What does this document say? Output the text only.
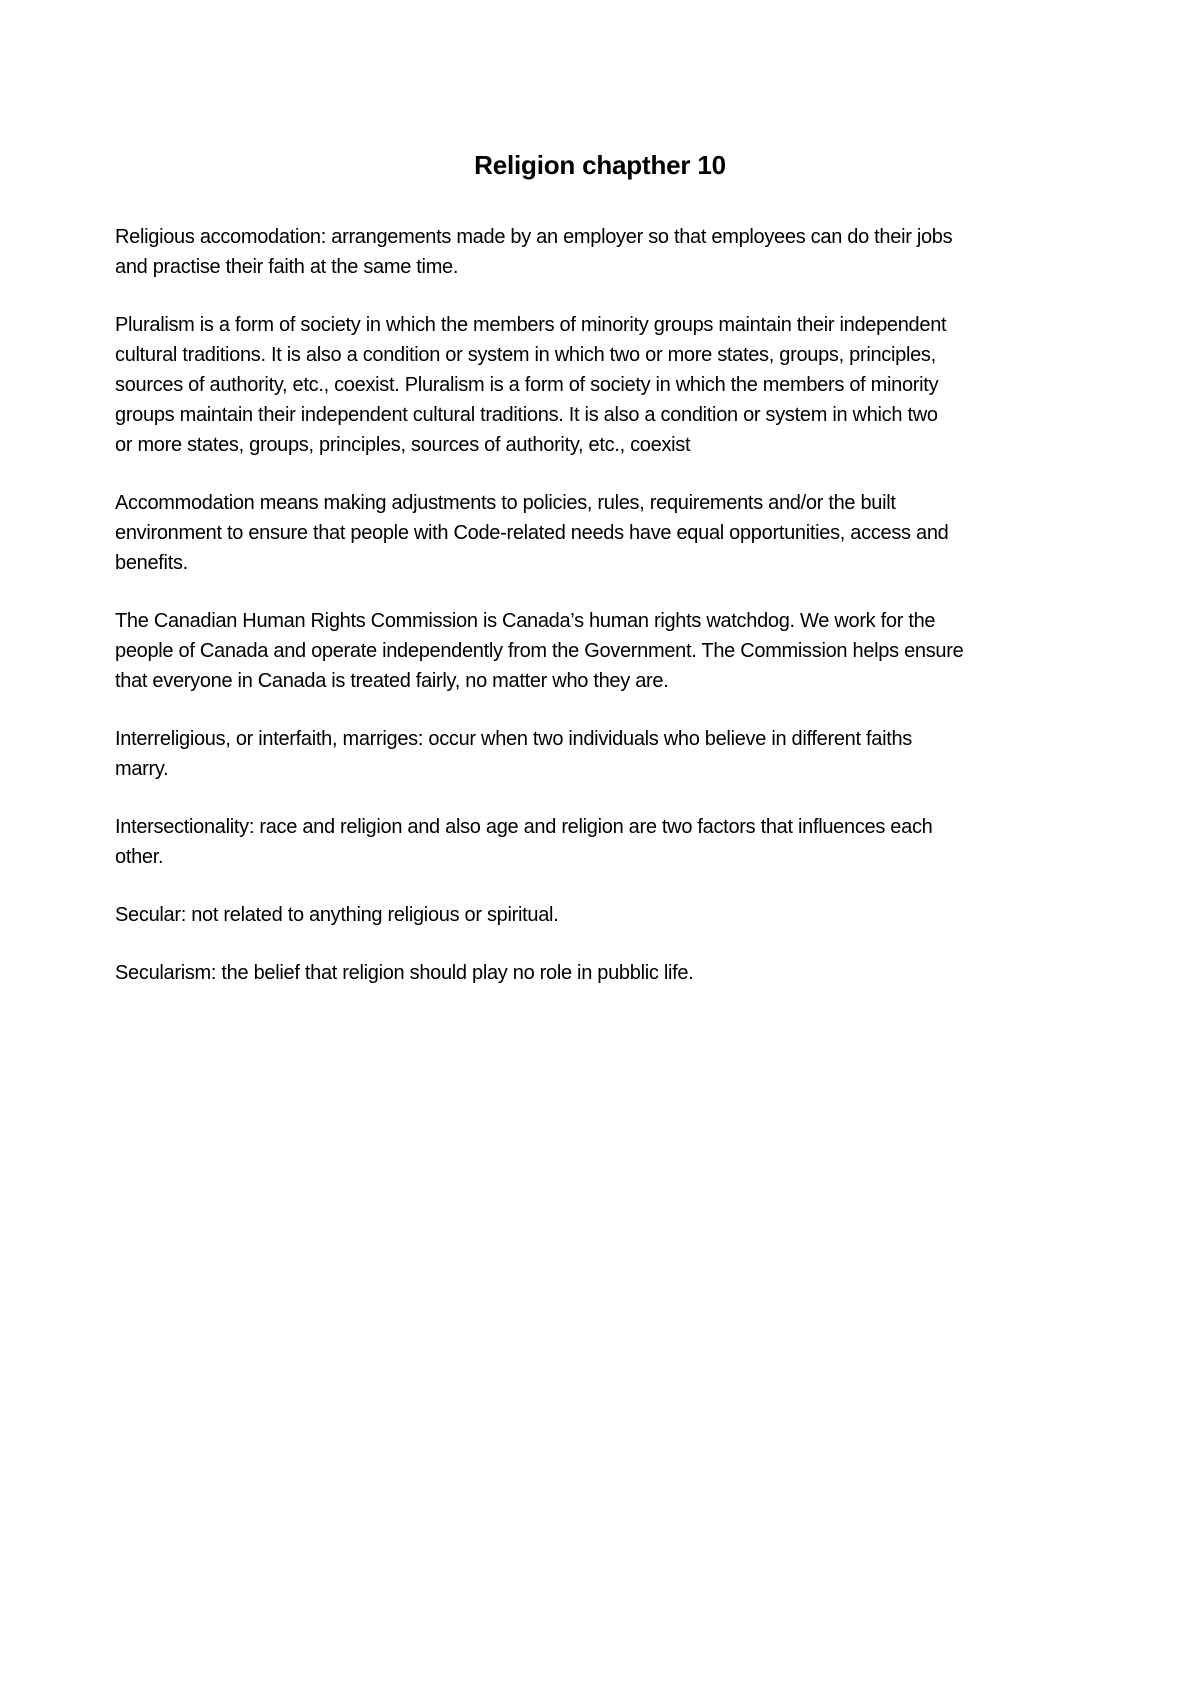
Religion chapther 10

Religious accomodation: arrangements made by an employer so that employees can do their jobs
and practise their faith at the same time.

Pluralism is a form of society in which the members of minority groups maintain their independent
cultural traditions. It is also a condition or system in which two or more states, groups, principles,
sources of authority, etc., coexist. Pluralism is a form of society in which the members of minority
groups maintain their independent cultural traditions. It is also a condition or system in which two
or more states, groups, principles, sources of authority, etc., coexist

Accommodation means making adjustments to policies, rules, requirements and/or the built
environment to ensure that people with Code-related needs have equal opportunities, access and
benefits.

The Canadian Human Rights Commission is Canada’s human rights watchdog. We work for the
people of Canada and operate independently from the Government. The Commission helps ensure
that everyone in Canada is treated fairly, no matter who they are.

Interreligious, or interfaith, marriges: occur when two individuals who believe in different faiths
marry.

Intersectionality: race and religion and also age and religion are two factors that influences each
other.

Secular: not related to anything religious or spiritual.

Secularism: the belief that religion should play no role in pubblic life.
